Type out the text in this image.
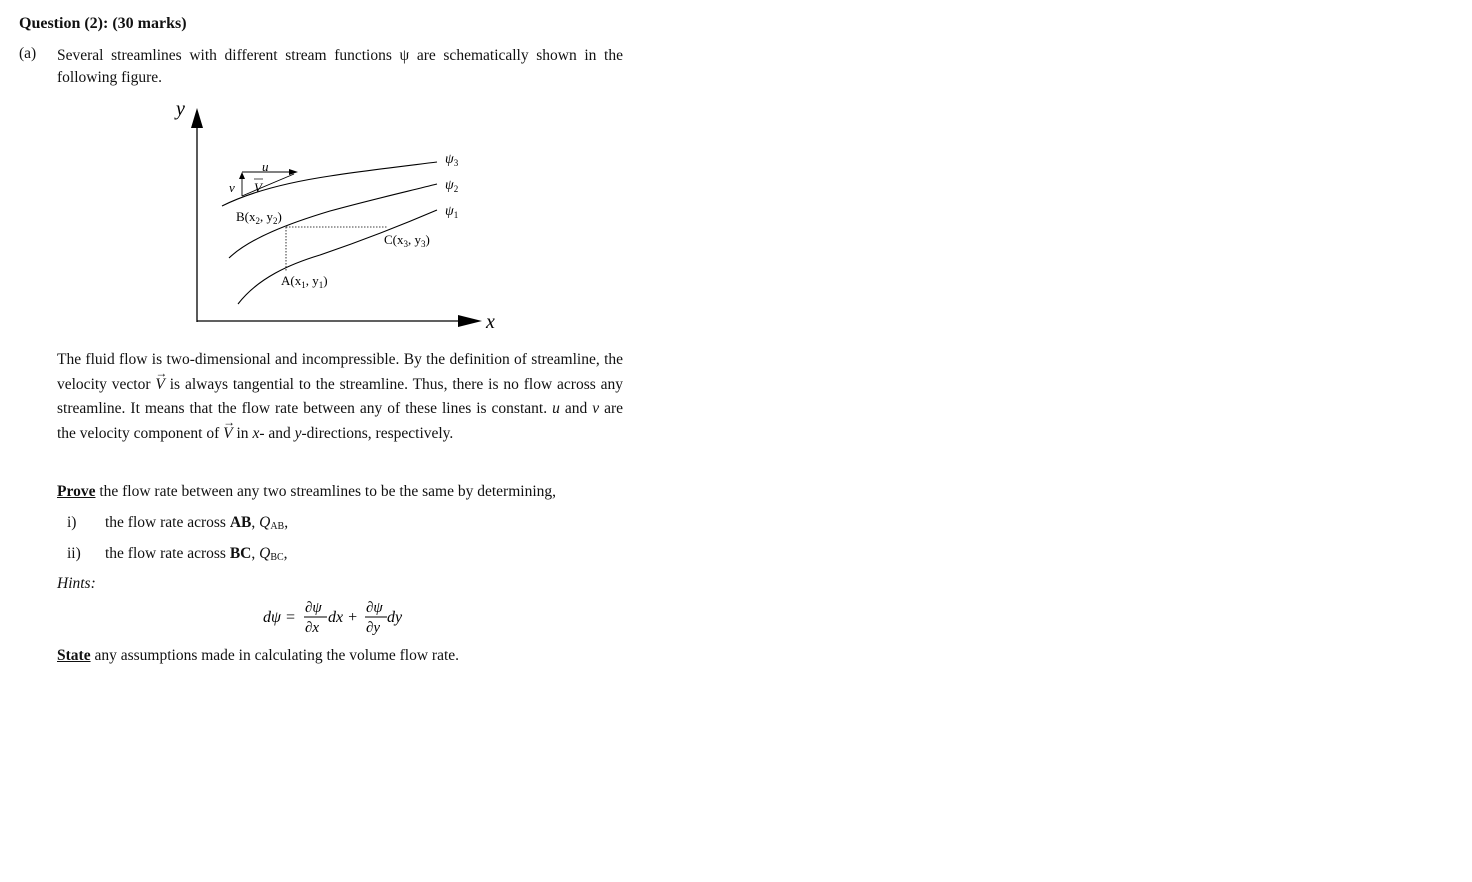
Question (2): (30 marks)
(a) Several streamlines with different stream functions ψ are schematically shown in the following figure.
y
x
u
v V
$\psi_3$
$\psi_2$
$\psi_1$
$B(x_2$, $y_2$)
$C(x_3$, $y_3$)
$A(x_1$, $y_1$)
The fluid flow is two-dimensional and incompressible. By the definition of streamline, the velocity vector → V is always tangential to the streamline. Thus, there is no flow across any streamline. It means that the flow rate between any of these lines is constant. u and v are the velocity component of → V in x- and y-directions, respectively.
Prove the flow rate between any two streamlines to be the same by determining,
i) the flow rate across AB, $Q_{AB}$,
ii) the flow rate across BC, $Q_{BC}$,
Hints:
dψ =
∂ψ
∂x
dx +
∂ψ
∂y
dy
State any assumptions made in calculating the volume flow rate.
